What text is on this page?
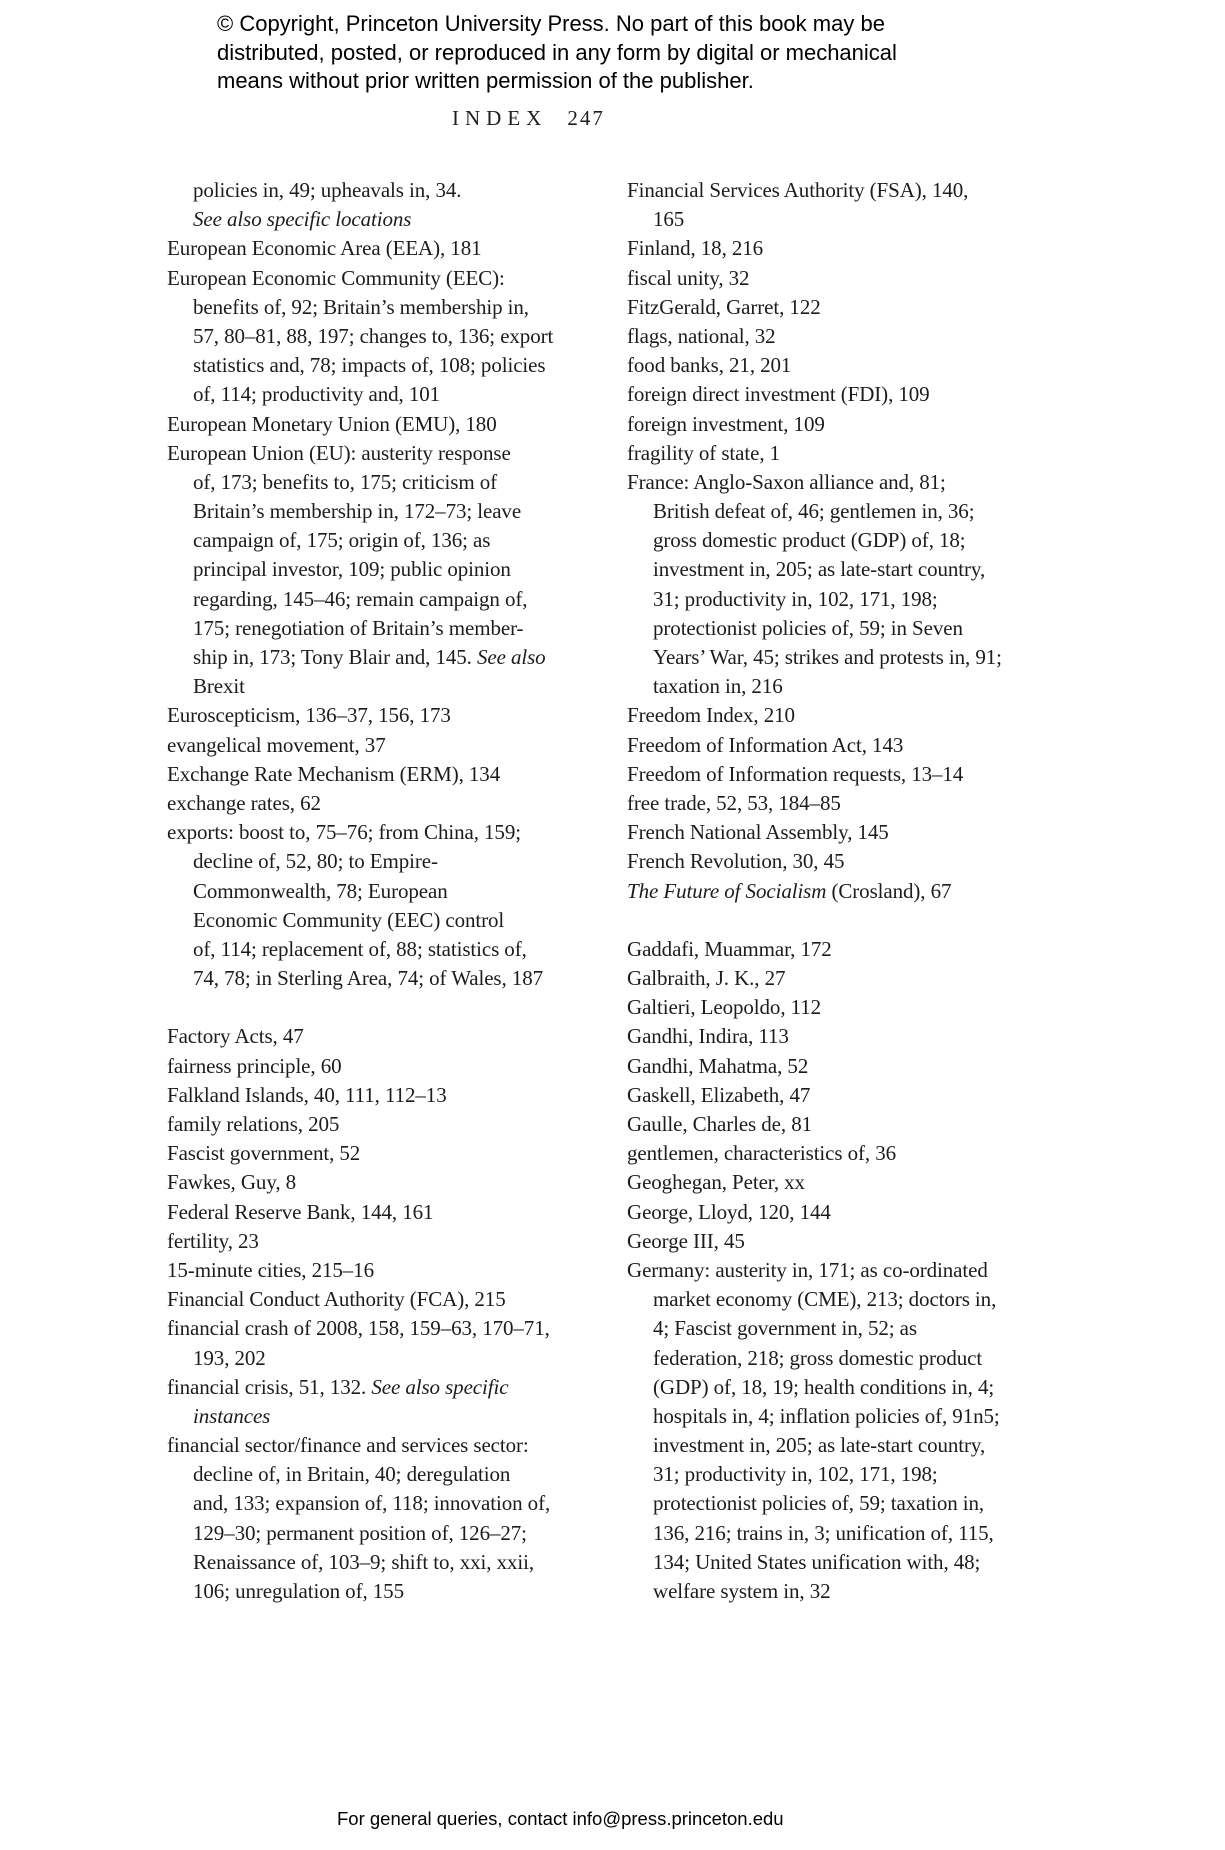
© Copyright, Princeton University Press. No part of this book may be
distributed, posted, or reproduced in any form by digital or mechanical
means without prior written permission of the publisher.
INDEX 247
policies in, 49; upheavals in, 34.
See also specific locations
European Economic Area (EEA), 181
European Economic Community (EEC):
benefits of, 92; Britain’s membership in,
57, 80–81, 88, 197; changes to, 136; export
statistics and, 78; impacts of, 108; policies
of, 114; productivity and, 101
European Monetary Union (EMU), 180
European Union (EU): austerity response
of, 173; benefits to, 175; criticism of
Britain’s membership in, 172–73; leave
campaign of, 175; origin of, 136; as
principal investor, 109; public opinion
regarding, 145–46; remain campaign of,
175; renegotiation of Britain’s member-
ship in, 173; Tony Blair and, 145. See also
Brexit
Euroscepticism, 136–37, 156, 173
evangelical movement, 37
Exchange Rate Mechanism (ERM), 134
exchange rates, 62
exports: boost to, 75–76; from China, 159;
decline of, 52, 80; to Empire-
Commonwealth, 78; European
Economic Community (EEC) control
of, 114; replacement of, 88; statistics of,
74, 78; in Sterling Area, 74; of Wales, 187
Factory Acts, 47
fairness principle, 60
Falkland Islands, 40, 111, 112–13
family relations, 205
Fascist government, 52
Fawkes, Guy, 8
Federal Reserve Bank, 144, 161
fertility, 23
15-minute cities, 215–16
Financial Conduct Authority (FCA), 215
financial crash of 2008, 158, 159–63, 170–71,
193, 202
financial crisis, 51, 132. See also specific
instances
financial sector/finance and services sector:
decline of, in Britain, 40; deregulation
and, 133; expansion of, 118; innovation of,
129–30; permanent position of, 126–27;
Renaissance of, 103–9; shift to, xxi, xxii,
106; unregulation of, 155
Financial Services Authority (FSA), 140,
165
Finland, 18, 216
fiscal unity, 32
FitzGerald, Garret, 122
flags, national, 32
food banks, 21, 201
foreign direct investment (FDI), 109
foreign investment, 109
fragility of state, 1
France: Anglo-Saxon alliance and, 81;
British defeat of, 46; gentlemen in, 36;
gross domestic product (GDP) of, 18;
investment in, 205; as late-start country,
31; productivity in, 102, 171, 198;
protectionist policies of, 59; in Seven
Years’ War, 45; strikes and protests in, 91;
taxation in, 216
Freedom Index, 210
Freedom of Information Act, 143
Freedom of Information requests, 13–14
free trade, 52, 53, 184–85
French National Assembly, 145
French Revolution, 30, 45
The Future of Socialism (Crosland), 67
Gaddafi, Muammar, 172
Galbraith, J. K., 27
Galtieri, Leopoldo, 112
Gandhi, Indira, 113
Gandhi, Mahatma, 52
Gaskell, Elizabeth, 47
Gaulle, Charles de, 81
gentlemen, characteristics of, 36
Geoghegan, Peter, xx
George, Lloyd, 120, 144
George III, 45
Germany: austerity in, 171; as co-ordinated
market economy (CME), 213; doctors in,
4; Fascist government in, 52; as
federation, 218; gross domestic product
(GDP) of, 18, 19; health conditions in, 4;
hospitals in, 4; inflation policies of, 91n5;
investment in, 205; as late-start country,
31; productivity in, 102, 171, 198;
protectionist policies of, 59; taxation in,
136, 216; trains in, 3; unification of, 115,
134; United States unification with, 48;
welfare system in, 32
For general queries, contact info@press.princeton.edu
